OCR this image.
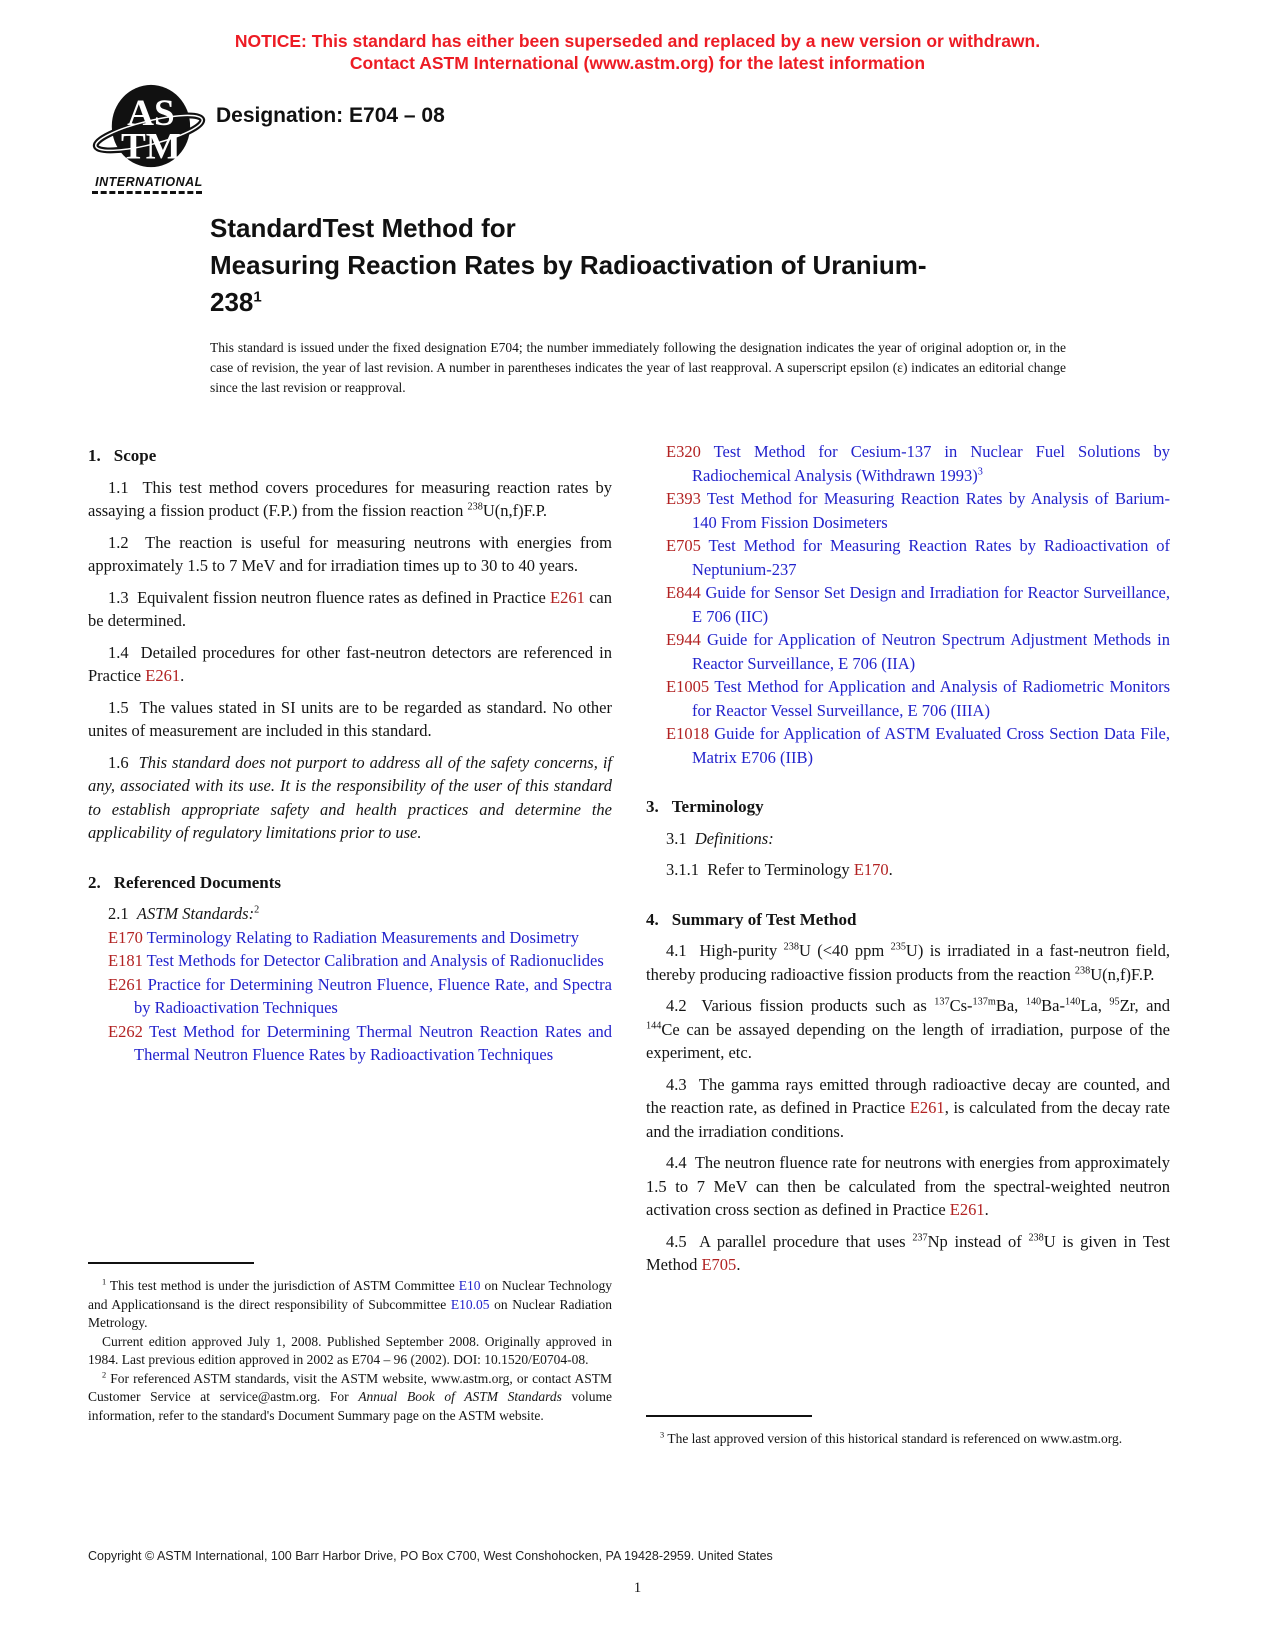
NOTICE: This standard has either been superseded and replaced by a new version or withdrawn.
Contact ASTM International (www.astm.org) for the latest information
AS
TM
INTERNATIONAL
Designation: E704 – 08
StandardTest Method for
Measuring Reaction Rates by Radioactivation of Uranium-
$238^1$
This standard is issued under the fixed designation E704; the number immediately following the designation indicates the year of original adoption or, in the case of revision, the year of last revision. A number in parentheses indicates the year of last reapproval. A superscript epsilon (ε) indicates an editorial change since the last revision or reapproval.
1. Scope
1.1  This test method covers procedures for measuring reaction rates by assaying a fission product (F.P.) from the fission reaction $^{238}$U(n,f)F.P.
1.2  The reaction is useful for measuring neutrons with energies from approximately 1.5 to 7 MeV and for irradiation times up to 30 to 40 years.
1.3  Equivalent fission neutron fluence rates as defined in Practice E261 can be determined.
1.4  Detailed procedures for other fast-neutron detectors are referenced in Practice E261.
1.5  The values stated in SI units are to be regarded as standard. No other unites of measurement are included in this standard.
1.6  This standard does not purport to address all of the safety concerns, if any, associated with its use. It is the responsibility of the user of this standard to establish appropriate safety and health practices and determine the applicability of regulatory limitations prior to use.
2. Referenced Documents
2.1  ASTM Standards:$^2$
E170 Terminology Relating to Radiation Measurements and Dosimetry
E181 Test Methods for Detector Calibration and Analysis of Radionuclides
E261 Practice for Determining Neutron Fluence, Fluence Rate, and Spectra by Radioactivation Techniques
E262 Test Method for Determining Thermal Neutron Reaction Rates and Thermal Neutron Fluence Rates by Radioactivation Techniques
$^1$ This test method is under the jurisdiction of ASTM Committee E10 on Nuclear Technology and Applicationsand is the direct responsibility of Subcommittee E10.05 on Nuclear Radiation Metrology.
Current edition approved July 1, 2008. Published September 2008. Originally approved in 1984. Last previous edition approved in 2002 as E704 – 96 (2002). DOI: 10.1520/E0704-08.
$^2$ For referenced ASTM standards, visit the ASTM website, www.astm.org, or contact ASTM Customer Service at service@astm.org. For Annual Book of ASTM Standards volume information, refer to the standard's Document Summary page on the ASTM website.
E320 Test Method for Cesium-137 in Nuclear Fuel Solutions by Radiochemical Analysis (Withdrawn 1993)$^3$
E393 Test Method for Measuring Reaction Rates by Analysis of Barium-140 From Fission Dosimeters
E705 Test Method for Measuring Reaction Rates by Radioactivation of Neptunium-237
E844 Guide for Sensor Set Design and Irradiation for Reactor Surveillance, E 706 (IIC)
E944 Guide for Application of Neutron Spectrum Adjustment Methods in Reactor Surveillance, E 706 (IIA)
E1005 Test Method for Application and Analysis of Radiometric Monitors for Reactor Vessel Surveillance, E 706 (IIIA)
E1018 Guide for Application of ASTM Evaluated Cross Section Data File, Matrix E706 (IIB)
3. Terminology
3.1  Definitions:
3.1.1  Refer to Terminology E170.
4. Summary of Test Method
4.1  High-purity $^{238}$U (<40 ppm $^{235}$U) is irradiated in a fast-neutron field, thereby producing radioactive fission products from the reaction $^{238}$U(n,f)F.P.
4.2  Various fission products such as $^{137}$Cs-$^{137m}$Ba, $^{140}$Ba-$^{140}$La, $^{95}$Zr, and $^{144}$Ce can be assayed depending on the length of irradiation, purpose of the experiment, etc.
4.3  The gamma rays emitted through radioactive decay are counted, and the reaction rate, as defined in Practice E261, is calculated from the decay rate and the irradiation conditions.
4.4  The neutron fluence rate for neutrons with energies from approximately 1.5 to 7 MeV can then be calculated from the spectral-weighted neutron activation cross section as defined in Practice E261.
4.5  A parallel procedure that uses $^{237}$Np instead of $^{238}$U is given in Test Method E705.
$^3$ The last approved version of this historical standard is referenced on www.astm.org.
Copyright © ASTM International, 100 Barr Harbor Drive, PO Box C700, West Conshohocken, PA 19428-2959. United States
1
